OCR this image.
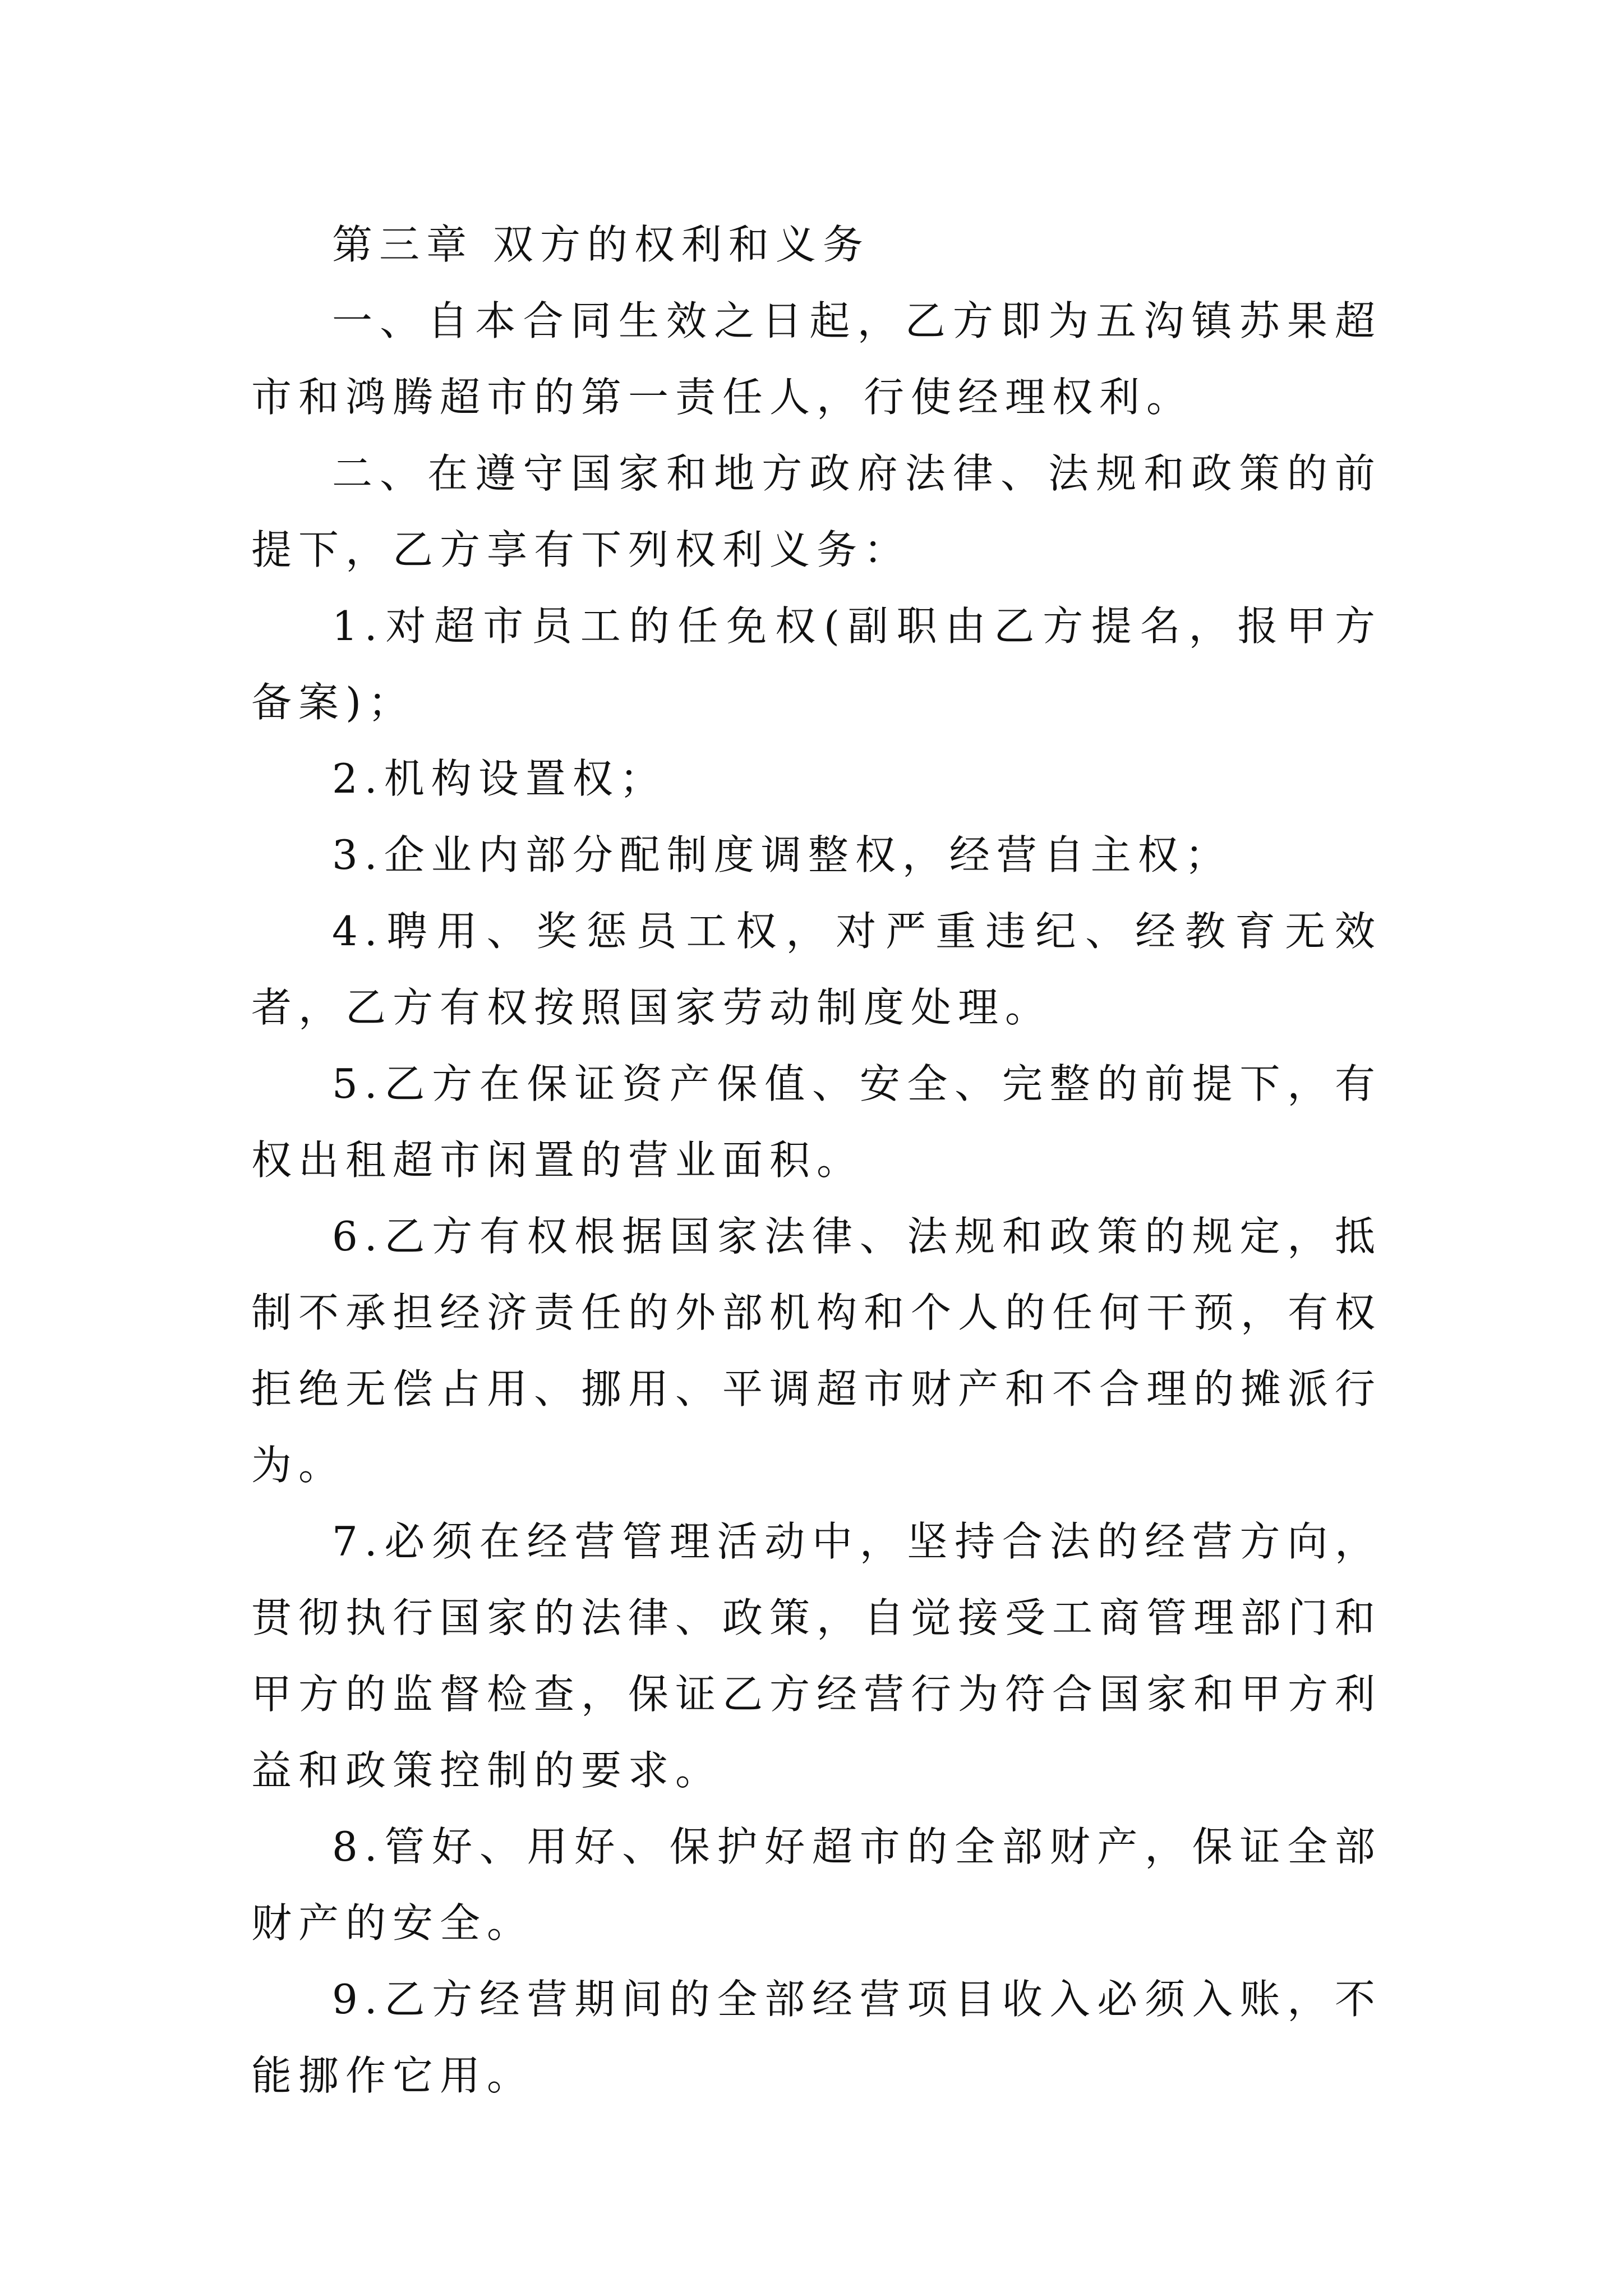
第三章 双方的权利和义务

一、自本合同生效之日起，乙方即为五沟镇苏果超市和鸿腾超市的第一责任人，行使经理权利。

二、在遵守国家和地方政府法律、法规和政策的前提下，乙方享有下列权利义务：

1.对超市员工的任免权(副职由乙方提名，报甲方备案)；

2.机构设置权；

3.企业内部分配制度调整权，经营自主权；

4.聘用、奖惩员工权，对严重违纪、经教育无效者，乙方有权按照国家劳动制度处理。

5.乙方在保证资产保值、安全、完整的前提下，有权出租超市闲置的营业面积。

6.乙方有权根据国家法律、法规和政策的规定，抵制不承担经济责任的外部机构和个人的任何干预，有权拒绝无偿占用、挪用、平调超市财产和不合理的摊派行为。

7.必须在经营管理活动中，坚持合法的经营方向，贯彻执行国家的法律、政策，自觉接受工商管理部门和甲方的监督检查，保证乙方经营行为符合国家和甲方利益和政策控制的要求。

8.管好、用好、保护好超市的全部财产，保证全部财产的安全。

9.乙方经营期间的全部经营项目收入必须入账，不能挪作它用。
